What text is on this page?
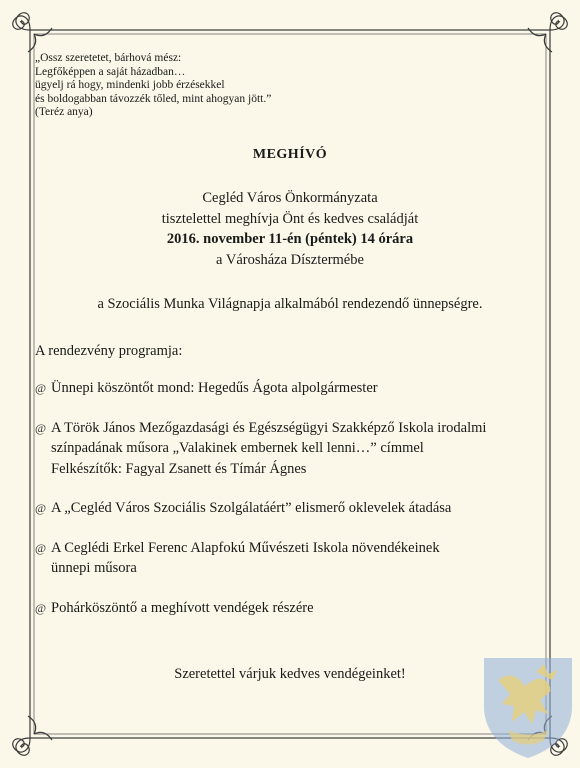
„Ossz szeretetet, bárhová mész:
Legfőképpen a saját házadban…
ügyelj rá hogy, mindenki jobb érzésekkel
és boldogabban távozzék tőled, mint ahogyan jött.”
(Teréz anya)
MEGHÍVÓ
Cegléd Város Önkormányzata
tisztelettel meghívja Önt és kedves családját
2016. november 11-én (péntek) 14 órára
a Városháza Dísztermébe
a Szociális Munka Világnapja alkalmából rendezendő ünnepségre.
A rendezvény programja:
@ Ünnepi köszöntőt mond: Hegedűs Ágota alpolgármester
@ A Török János Mezőgazdasági és Egészségügyi Szakképző Iskola irodalmi
színpadának műsora „Valakinek embernek kell lenni…” címmel
Felkészítők: Fagyal Zsanett és Tímár Ágnes
@ A „Cegléd Város Szociális Szolgálatáért” elismerő oklevelek átadása
@ A Ceglédi Erkel Ferenc Alapfokú Művészeti Iskola növendékeinek
ünnepi műsora
@ Pohárköszöntő a meghívott vendégek részére
Szeretettel várjuk kedves vendégeinket!
